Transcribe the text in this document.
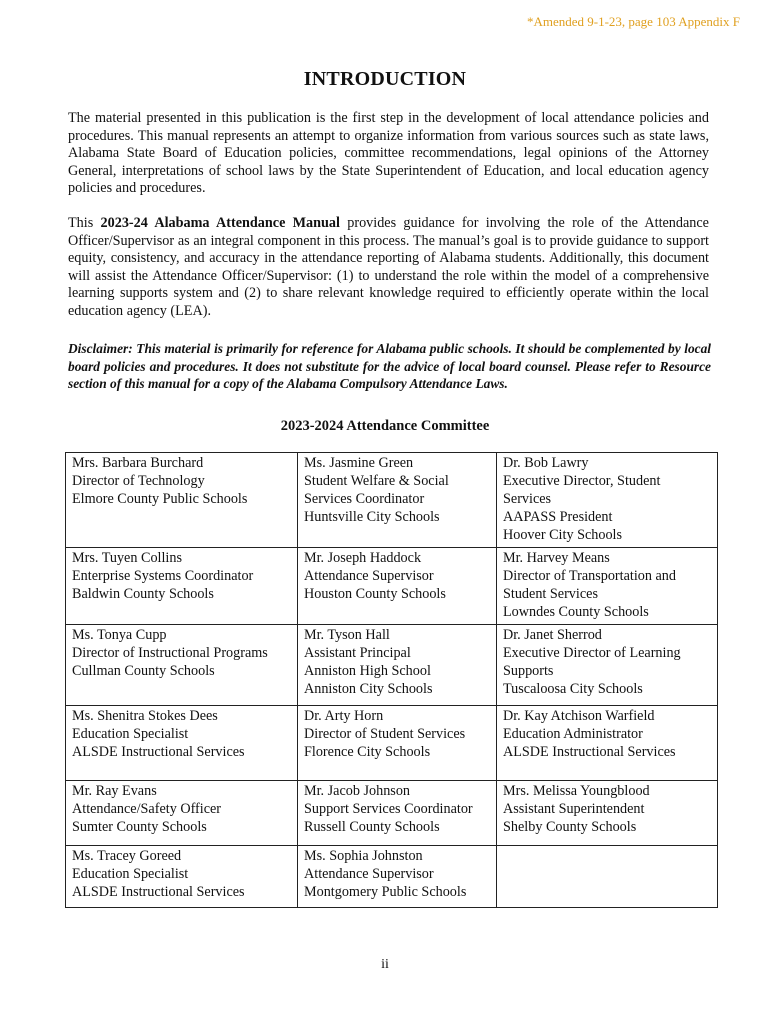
*Amended 9-1-23, page 103 Appendix F
INTRODUCTION
The material presented in this publication is the first step in the development of local attendance policies and procedures. This manual represents an attempt to organize information from various sources such as state laws, Alabama State Board of Education policies, committee recommendations, legal opinions of the Attorney General, interpretations of school laws by the State Superintendent of Education, and local education agency policies and procedures.
This 2023-24 Alabama Attendance Manual provides guidance for involving the role of the Attendance Officer/Supervisor as an integral component in this process. The manual’s goal is to provide guidance to support equity, consistency, and accuracy in the attendance reporting of Alabama students. Additionally, this document will assist the Attendance Officer/Supervisor: (1) to understand the role within the model of a comprehensive learning supports system and (2) to share relevant knowledge required to efficiently operate within the local education agency (LEA).
Disclaimer: This material is primarily for reference for Alabama public schools. It should be complemented by local board policies and procedures. It does not substitute for the advice of local board counsel. Please refer to Resource section of this manual for a copy of the Alabama Compulsory Attendance Laws.
2023-2024 Attendance Committee
Mrs. Barbara Burchard
Director of Technology
Elmore County Public Schools	Ms. Jasmine Green
Student Welfare & Social
Services Coordinator
Huntsville City Schools	Dr. Bob Lawry
Executive Director, Student
Services
AAPASS President
Hoover City Schools

Mrs. Tuyen Collins
Enterprise Systems Coordinator
Baldwin County Schools	Mr. Joseph Haddock
Attendance Supervisor
Houston County Schools	Mr. Harvey Means
Director of Transportation and
Student Services
Lowndes County Schools

Ms. Tonya Cupp
Director of Instructional Programs
Cullman County Schools	Mr. Tyson Hall
Assistant Principal
Anniston High School
Anniston City Schools	Dr. Janet Sherrod
Executive Director of Learning
Supports
Tuscaloosa City Schools

Ms. Shenitra Stokes Dees
Education Specialist
ALSDE Instructional Services	Dr. Arty Horn
Director of Student Services
Florence City Schools	Dr. Kay Atchison Warfield
Education Administrator
ALSDE Instructional Services

Mr. Ray Evans
Attendance/Safety Officer
Sumter County Schools	Mr. Jacob Johnson
Support Services Coordinator
Russell County Schools	Mrs. Melissa Youngblood
Assistant Superintendent
Shelby County Schools

Ms. Tracey Goreed
Education Specialist
ALSDE Instructional Services	Ms. Sophia Johnston
Attendance Supervisor
Montgomery Public Schools	

ii
